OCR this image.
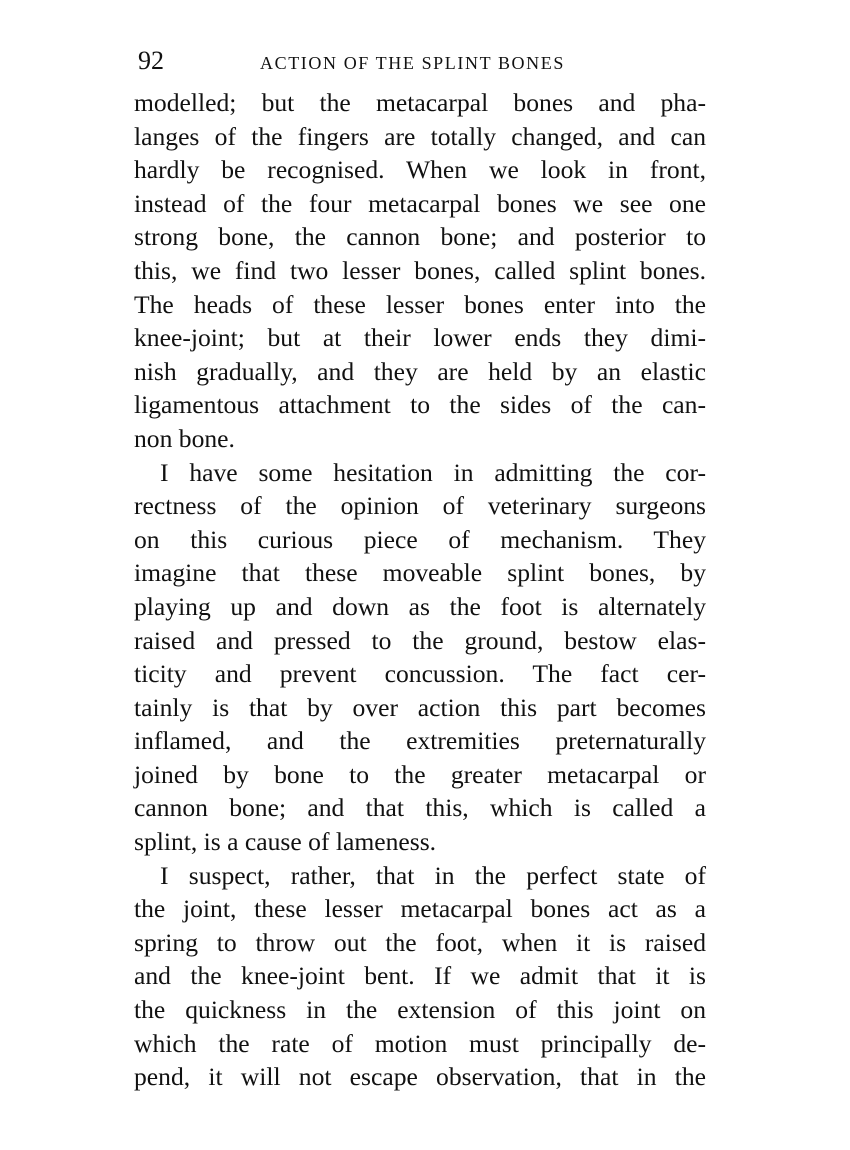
92	ACTION OF THE SPLINT BONES
modelled; but the metacarpal bones and pha-
langes of the fingers are totally changed, and can
hardly be recognised. When we look in front,
instead of the four metacarpal bones we see one
strong bone, the cannon bone; and posterior to
this, we find two lesser bones, called splint bones.
The heads of these lesser bones enter into the
knee-joint; but at their lower ends they dimi-
nish gradually, and they are held by an elastic
ligamentous attachment to the sides of the can-
non bone.
I have some hesitation in admitting the cor-
rectness of the opinion of veterinary surgeons
on this curious piece of mechanism. They
imagine that these moveable splint bones, by
playing up and down as the foot is alternately
raised and pressed to the ground, bestow elas-
ticity and prevent concussion. The fact cer-
tainly is that by over action this part becomes
inflamed, and the extremities preternaturally
joined by bone to the greater metacarpal or
cannon bone; and that this, which is called a
splint, is a cause of lameness.
I suspect, rather, that in the perfect state of
the joint, these lesser metacarpal bones act as a
spring to throw out the foot, when it is raised
and the knee-joint bent. If we admit that it is
the quickness in the extension of this joint on
which the rate of motion must principally de-
pend, it will not escape observation, that in the
